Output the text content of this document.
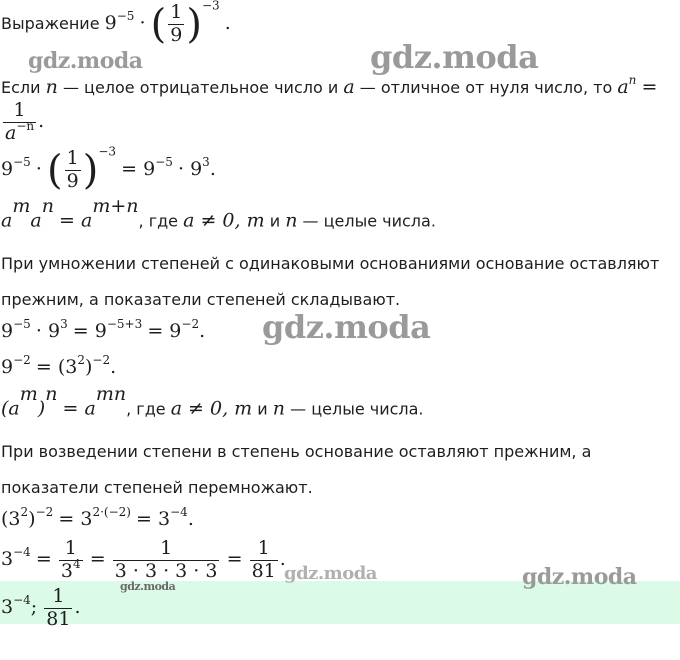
Выражение $9^{-5}$ · ( $\frac{1}{9} )^{-3}$ .
Если n — целое отрицательное число и a — отличное от нуля число, то $a^n$ =
$\frac{1}{a^{-n}}$ .
$9^{-5}$ · ( $\frac{1}{9} )^{-3} = 9^{-5} \cdot 9^3$.
$a^ma^n = a^{m+n}$, где a ≠ 0, m и n — целые числа.
При умножении степеней с одинаковыми основаниями основание оставляют
прежним, а показатели степеней складывают.
$9^{-5} \cdot 9^3 = 9^{-5+3} = 9^{-2}$.
$9^{-2} = (3^2)^{-2}$.
$(a^m)^n = a^{mn}$, где a ≠ 0, m и n — целые числа.
При возведении степени в степень основание оставляют прежним, а
показатели степеней перемножают.
$(3^2)^{-2} = 3^{2\cdot(-2)} = 3^{-4}$.
$3^{-4} = \frac{1}{3^4} = \frac{1}{3 \cdot 3 \cdot 3 \cdot 3} = \frac{1}{81}$ .
$3^{-4}$; $\frac{1}{81}$ .
gdz.moda	gdz.moda
gdz.moda
gdz.moda	gdz.moda
gdz.moda
